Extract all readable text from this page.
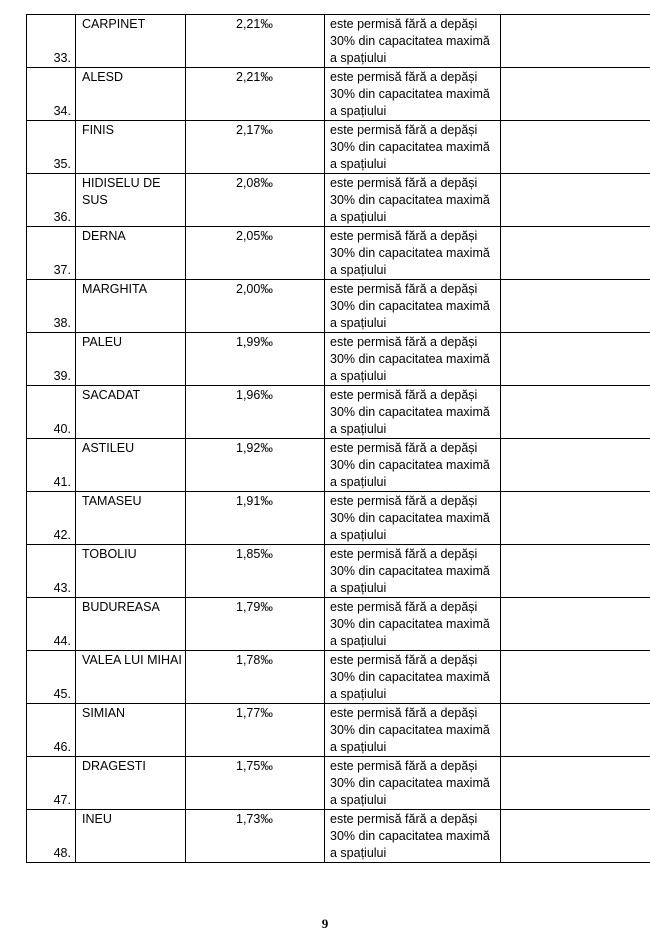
33.	CARPINET	2,21‰	este permisă fără a depăși
30% din capacitatea maximă
a spațiului	
34.	ALESD	2,21‰	este permisă fără a depăși
30% din capacitatea maximă
a spațiului	
35.	FINIS	2,17‰	este permisă fără a depăși
30% din capacitatea maximă
a spațiului	
36.	HIDISELU DE SUS	2,08‰	este permisă fără a depăși
30% din capacitatea maximă
a spațiului	
37.	DERNA	2,05‰	este permisă fără a depăși
30% din capacitatea maximă
a spațiului	
38.	MARGHITA	2,00‰	este permisă fără a depăși
30% din capacitatea maximă
a spațiului	
39.	PALEU	1,99‰	este permisă fără a depăși
30% din capacitatea maximă
a spațiului	
40.	SACADAT	1,96‰	este permisă fără a depăși
30% din capacitatea maximă
a spațiului	
41.	ASTILEU	1,92‰	este permisă fără a depăși
30% din capacitatea maximă
a spațiului	
42.	TAMASEU	1,91‰	este permisă fără a depăși
30% din capacitatea maximă
a spațiului	
43.	TOBOLIU	1,85‰	este permisă fără a depăși
30% din capacitatea maximă
a spațiului	
44.	BUDUREASA	1,79‰	este permisă fără a depăși
30% din capacitatea maximă
a spațiului	
45.	VALEA LUI MIHAI	1,78‰	este permisă fără a depăși
30% din capacitatea maximă
a spațiului	
46.	SIMIAN	1,77‰	este permisă fără a depăși
30% din capacitatea maximă
a spațiului	
47.	DRAGESTI	1,75‰	este permisă fără a depăși
30% din capacitatea maximă
a spațiului	
48.	INEU	1,73‰	este permisă fără a depăși
30% din capacitatea maximă
a spațiului	
9
